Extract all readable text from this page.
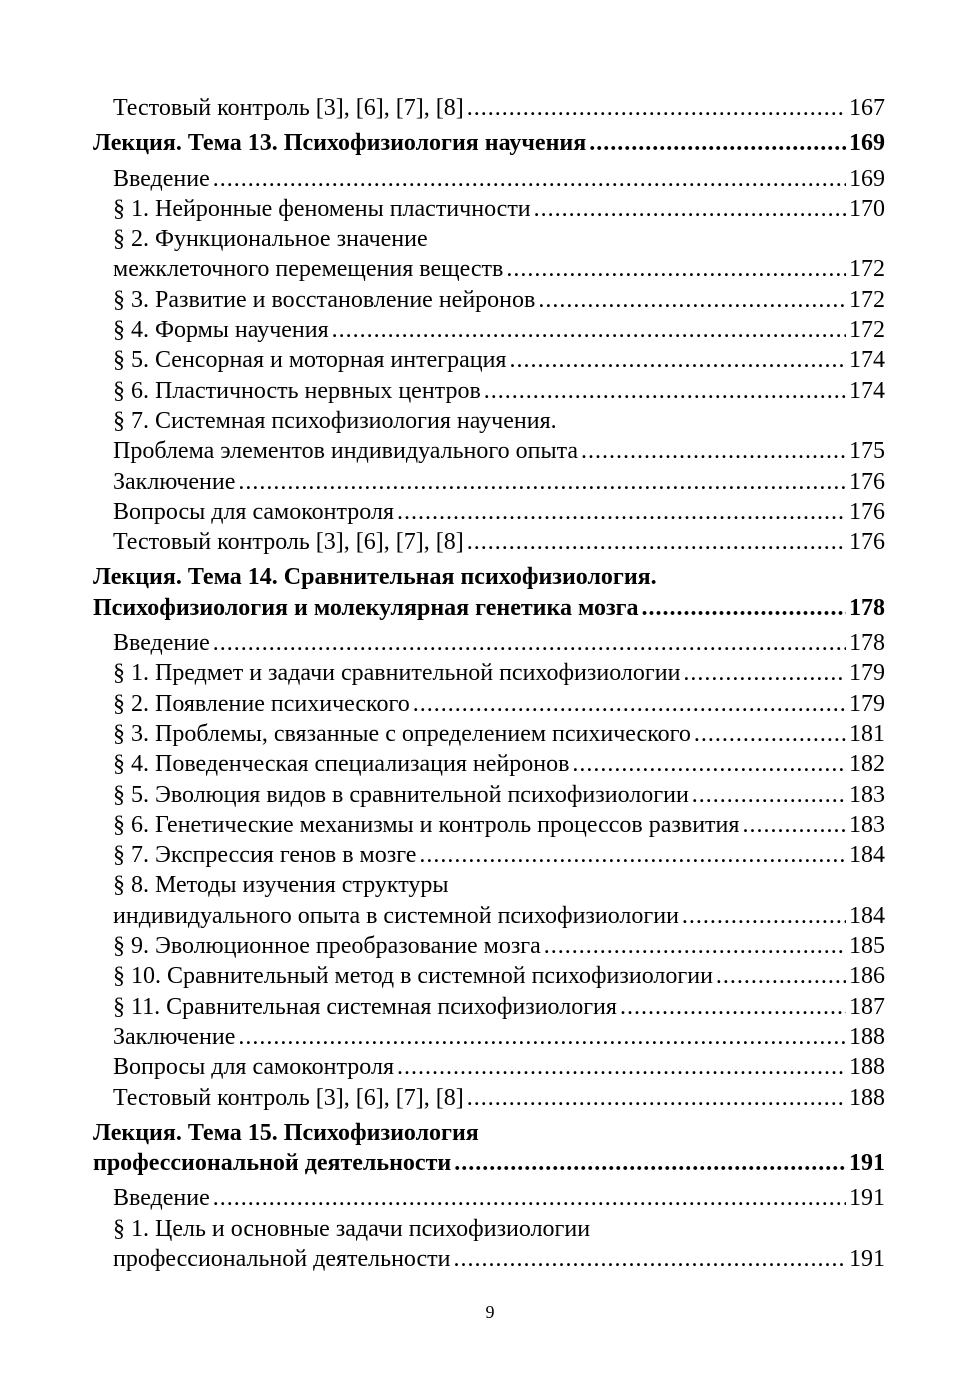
Тестовый контроль [3], [6], [7], [8] .....	167
Лекция. Тема 13. Психофизиология научения .....	169
Введение .....	169
§ 1. Нейронные феномены пластичности .....	170
§ 2. Функциональное значение
межклеточного перемещения веществ .....	172
§ 3. Развитие и восстановление нейронов .....	172
§ 4. Формы научения .....	172
§ 5. Сенсорная и моторная интеграция .....	174
§ 6. Пластичность нервных центров .....	174
§ 7. Системная психофизиология научения.
Проблема элементов индивидуального опыта .....	175
Заключение .....	176
Вопросы для самоконтроля .....	176
Тестовый контроль [3], [6], [7], [8] .....	176
Лекция. Тема 14. Сравнительная психофизиология.
Психофизиология и молекулярная генетика мозга .....	178
Введение .....	178
§ 1. Предмет и задачи сравнительной психофизиологии .....	179
§ 2. Появление психического .....	179
§ 3. Проблемы, связанные с определением психического .....	181
§ 4. Поведенческая специализация нейронов .....	182
§ 5. Эволюция видов в сравнительной психофизиологии .....	183
§ 6. Генетические механизмы и контроль процессов развития .....	183
§ 7. Экспрессия генов в мозге .....	184
§ 8. Методы изучения структуры
индивидуального опыта в системной психофизиологии .....	184
§ 9. Эволюционное преобразование мозга .....	185
§ 10. Сравнительный метод в системной психофизиологии .....	186
§ 11. Сравнительная системная психофизиология .....	187
Заключение .....	188
Вопросы для самоконтроля .....	188
Тестовый контроль [3], [6], [7], [8] .....	188
Лекция. Тема 15. Психофизиология
профессиональной деятельности .....	191
Введение .....	191
§ 1. Цель и основные задачи психофизиологии
профессиональной деятельности .....	191
9
